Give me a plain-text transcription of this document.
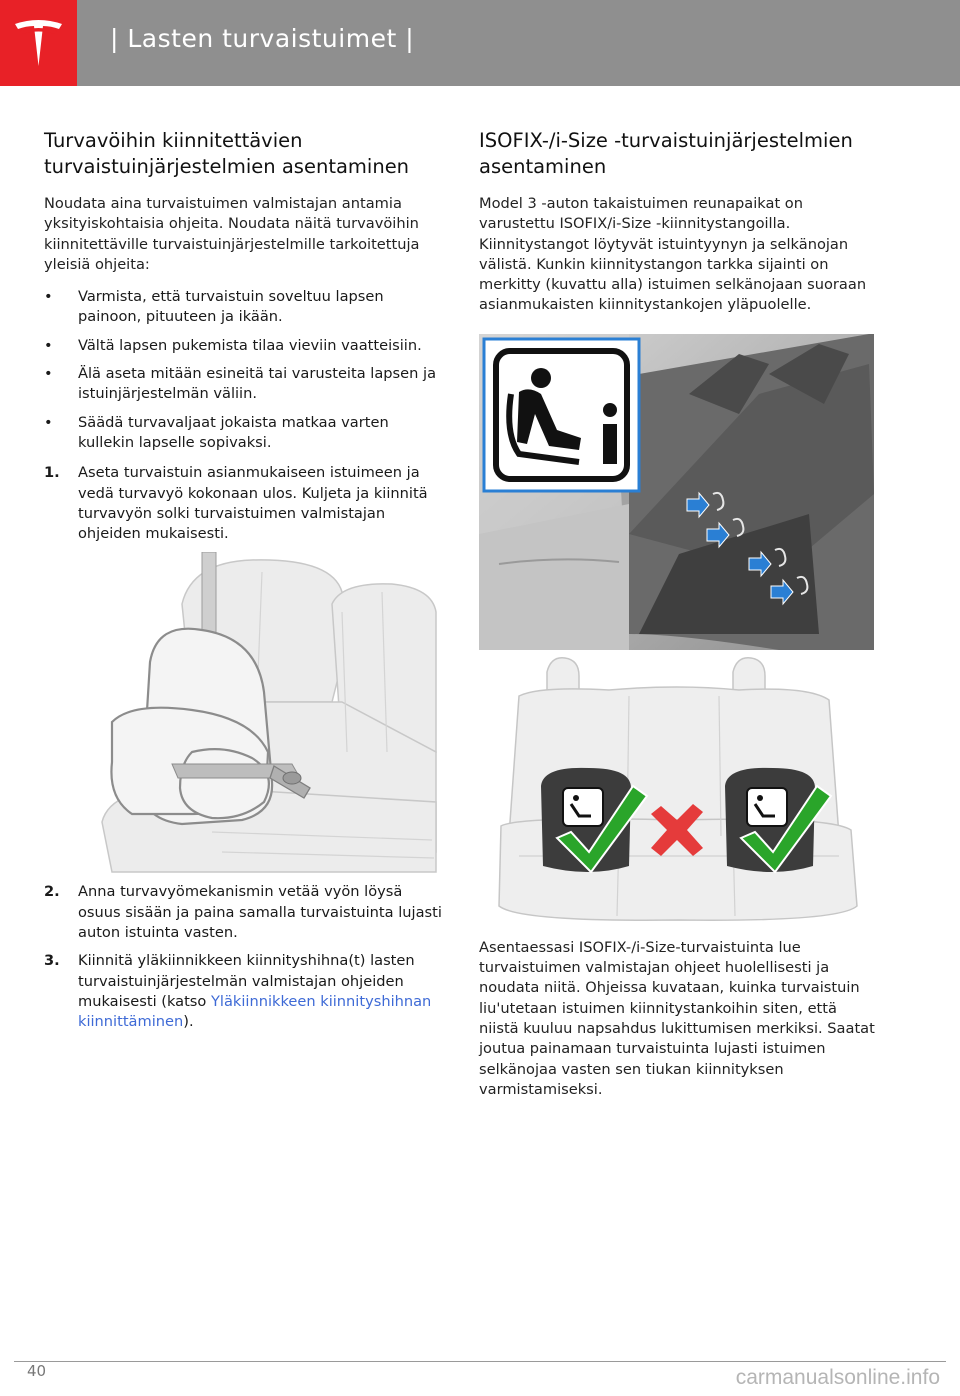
| Lasten turvaistuimet |
Turvavöihin kiinnitettävien turvaistuinjärjestelmien asentaminen

Noudata aina turvaistuimen valmistajan antamia yksityiskohtaisia ohjeita. Noudata näitä turvavöihin kiinnitettäville turvaistuinjärjestelmille tarkoitettuja yleisiä ohjeita:

• Varmista, että turvaistuin soveltuu lapsen painoon, pituuteen ja ikään.
• Vältä lapsen pukemista tilaa vieviin vaatteisiin.
• Älä aseta mitään esineitä tai varusteita lapsen ja istuinjärjestelmän väliin.
• Säädä turvavaljaat jokaista matkaa varten kullekin lapselle sopivaksi.
1. Aseta turvaistuin asianmukaiseen istuimeen ja vedä turvavyö kokonaan ulos. Kuljeta ja kiinnitä turvavyön solki turvaistuimen valmistajan ohjeiden mukaisesti.
2. Anna turvavyömekanismin vetää vyön löysä osuus sisään ja paina samalla turvaistuinta lujasti auton istuinta vasten.
3. Kiinnitä yläkiinnikkeen kiinnityshihna(t) lasten turvaistuinjärjestelmän valmistajan ohjeiden mukaisesti (katso Yläkiinnikkeen kiinnityshihnan kiinnittäminen).
ISOFIX-/i-Size -turvaistuinjärjestelmien asentaminen

Model 3 -auton takaistuimen reunapaikat on varustettu ISOFIX/i-Size -kiinnitystangoilla. Kiinnitystangot löytyvät istuintyynyn ja selkänojan välistä. Kunkin kiinnitystangon tarkka sijainti on merkitty (kuvattu alla) istuimen selkänojaan suoraan asianmukaisten kiinnitystankojen yläpuolelle.

Asentaessasi ISOFIX-/i-Size-turvaistuinta lue turvaistuimen valmistajan ohjeet huolellisesti ja noudata niitä. Ohjeissa kuvataan, kuinka turvaistuin liu'utetaan istuimen kiinnitystankoihin siten, että niistä kuuluu napsahdus lukittumisen merkiksi. Saatat joutua painamaan turvaistuinta lujasti istuimen selkänojaa vasten sen tiukan kiinnityksen varmistamiseksi.

40	carmanualsonline.info
